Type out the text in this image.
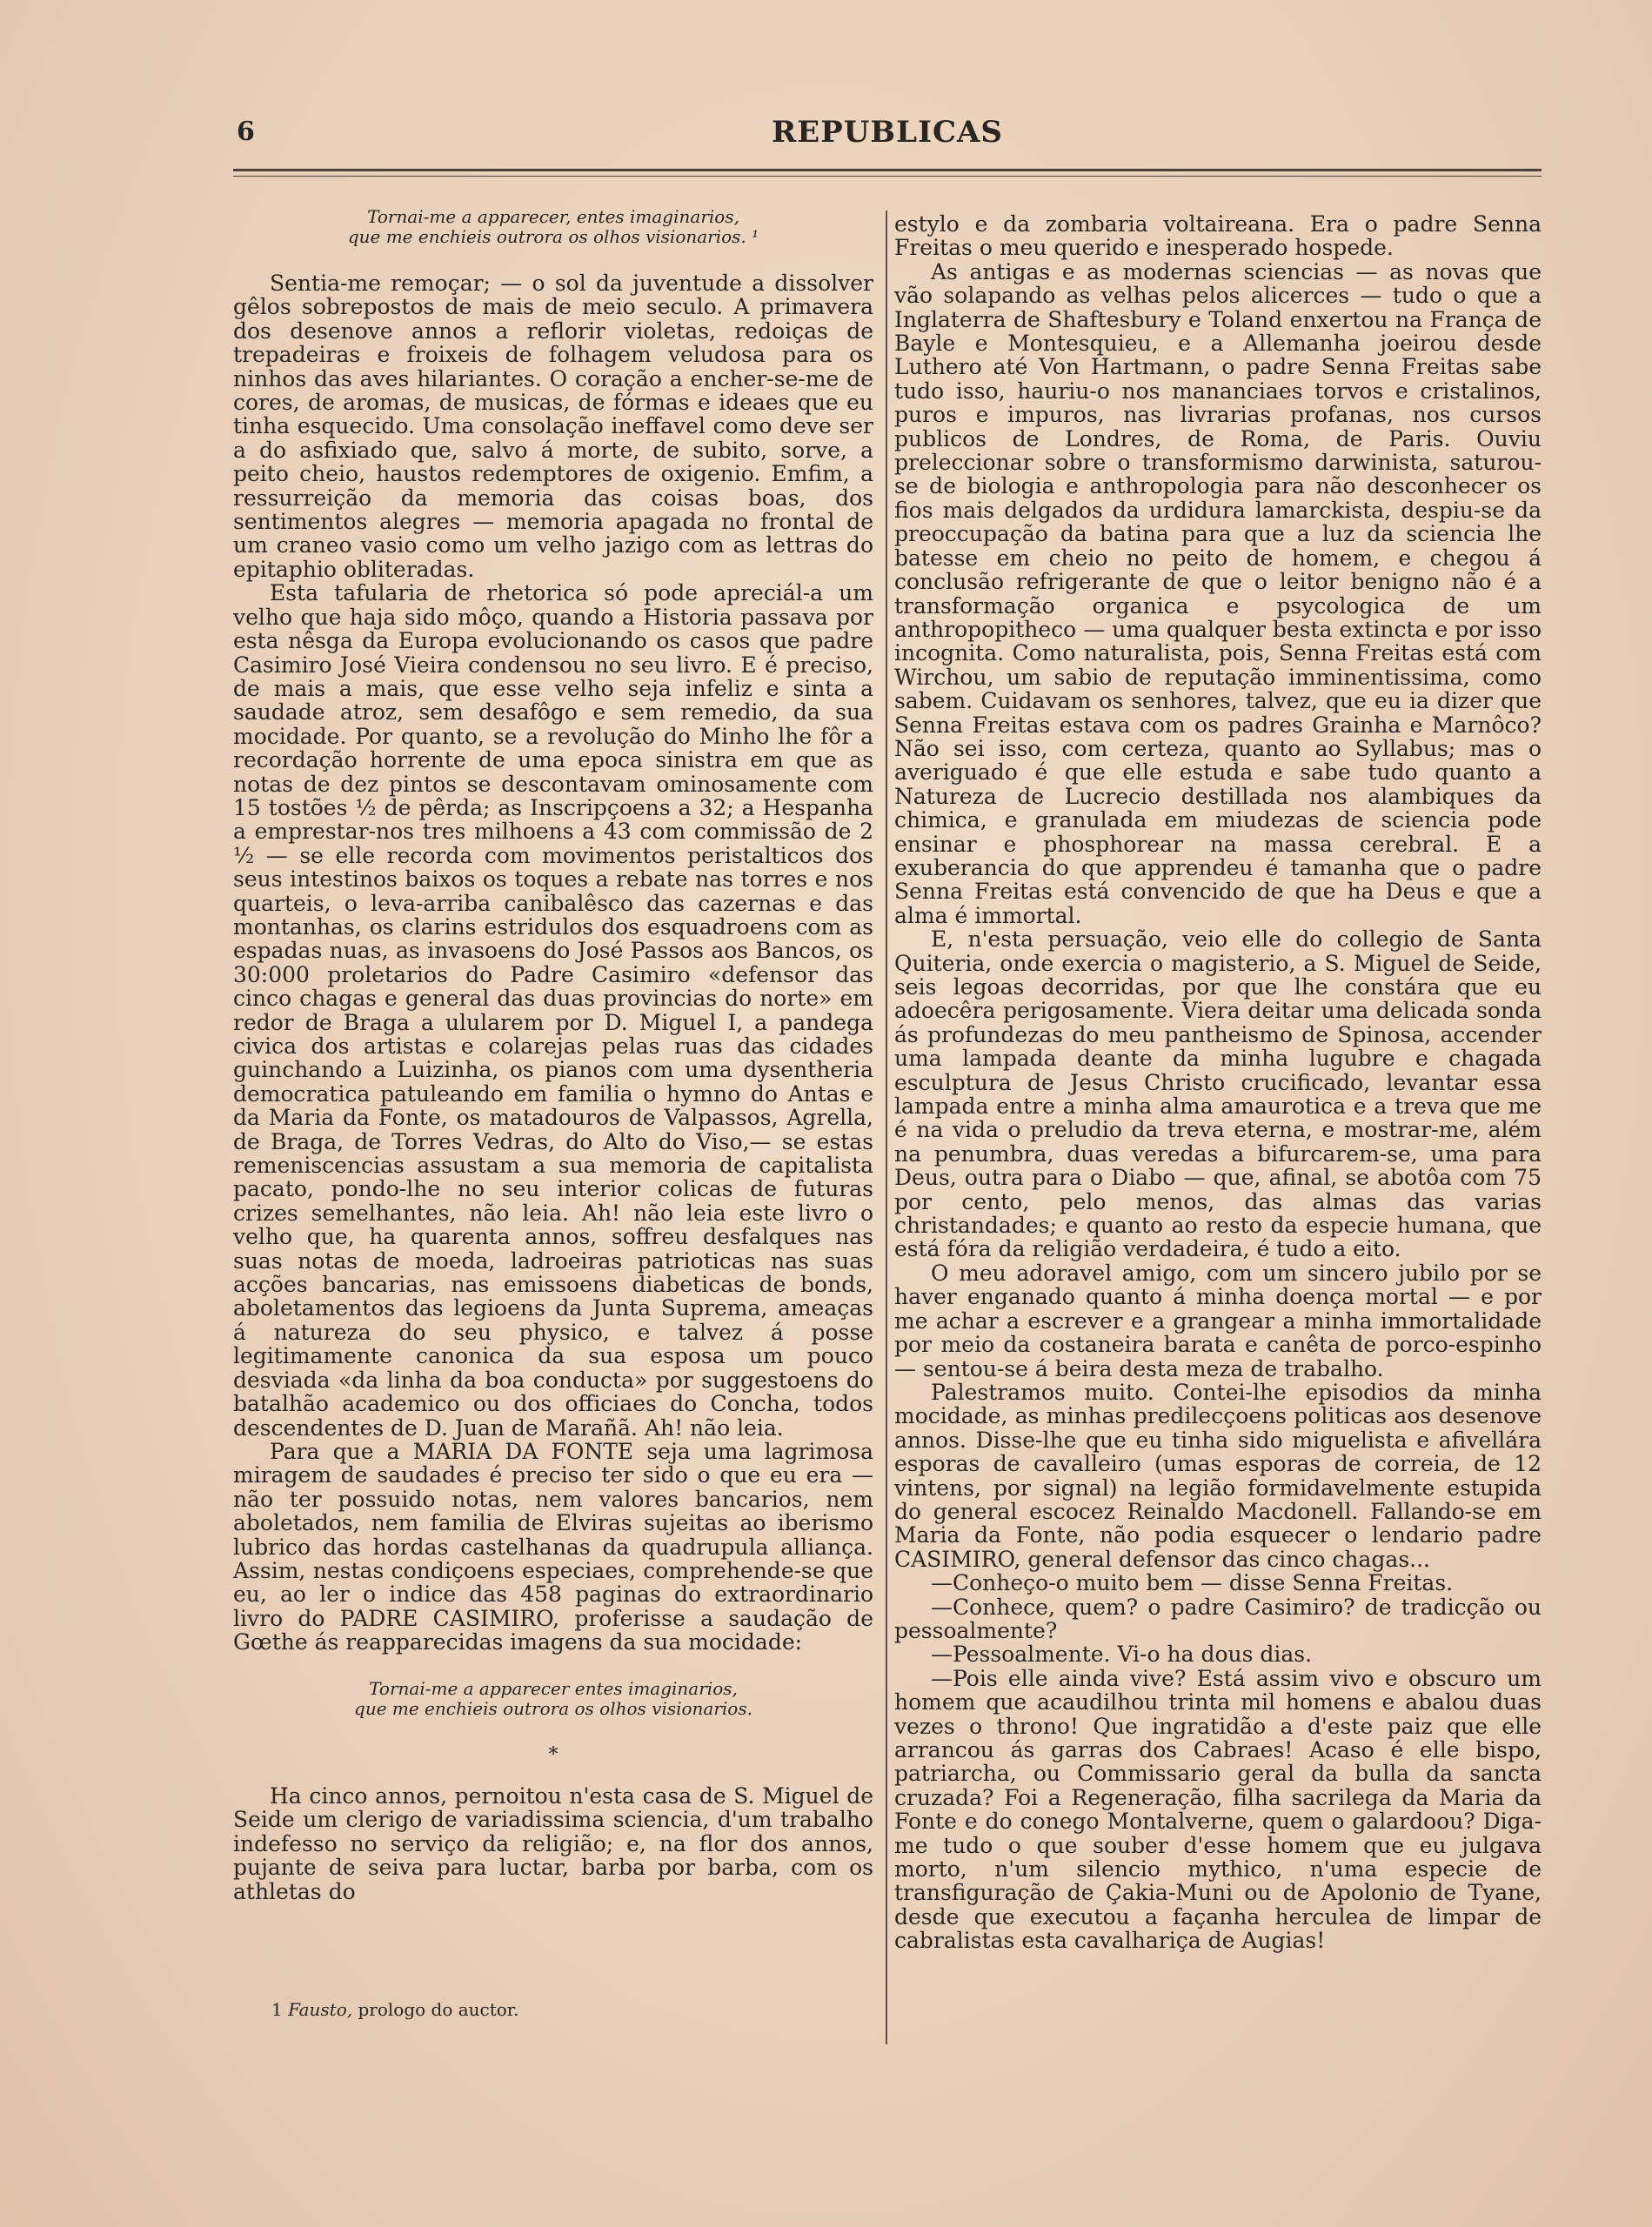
6	REPUBLICAS
Tornai-me a apparecer, entes imaginarios,
que me enchieis outrora os olhos visionarios. ¹

Sentia-me remoçar; — o sol da juventude a dissolver gêlos sobrepostos de mais de meio seculo. A primavera dos desenove annos a reflorir violetas, redoiças de trepadeiras e froixeis de folhagem veludosa para os ninhos das aves hilariantes. O coração a encher-se-me de cores, de aromas, de musicas, de fórmas e ideaes que eu tinha esquecido. Uma consolação ineffavel como deve ser a do asfixiado que, salvo á morte, de subito, sorve, a peito cheio, haustos redemptores de oxigenio. Emfim, a ressurreição da memoria das coisas boas, dos sentimentos alegres — memoria apagada no frontal de um craneo vasio como um velho jazigo com as lettras do epitaphio obliteradas.

Esta tafularia de rhetorica só pode apreciál-a um velho que haja sido môço, quando a Historia passava por esta nêsga da Europa evolucionando os casos que padre Casimiro José Vieira condensou no seu livro. E é preciso, de mais a mais, que esse velho seja infeliz e sinta a saudade atroz, sem desafôgo e sem remedio, da sua mocidade. Por quanto, se a revolução do Minho lhe fôr a recordação horrente de uma epoca sinistra em que as notas de dez pintos se descontavam ominosamente com 15 tostões ½ de pêrda; as Inscripçoens a 32; a Hespanha a emprestar-nos tres milhoens a 43 com commissão de 2 ½ — se elle recorda com movimentos peristalticos dos seus intestinos baixos os toques a rebate nas torres e nos quarteis, o leva-arriba canibalêsco das cazernas e das montanhas, os clarins estridulos dos esquadroens com as espadas nuas, as invasoens do José Passos aos Bancos, os 30:000 proletarios do Padre Casimiro «defensor das cinco chagas e general das duas provincias do norte» em redor de Braga a ulularem por D. Miguel I, a pandega civica dos artistas e colarejas pelas ruas das cidades guinchando a Luizinha, os pianos com uma dysentheria democratica patuleando em familia o hymno do Antas e da Maria da Fonte, os matadouros de Valpassos, Agrella, de Braga, de Torres Vedras, do Alto do Viso,— se estas remeniscencias assustam a sua memoria de capitalista pacato, pondo-lhe no seu interior colicas de futuras crizes semelhantes, não leia. Ah! não leia este livro o velho que, ha quarenta annos, soffreu desfalques nas suas notas de moeda, ladroeiras patrioticas nas suas acções bancarias, nas emissoens diabeticas de bonds, aboletamentos das legioens da Junta Suprema, ameaças á natureza do seu physico, e talvez á posse legitimamente canonica da sua esposa um pouco desviada «da linha da boa conducta» por suggestoens do batalhão academico ou dos officiaes do Concha, todos descendentes de D. Juan de Marañã. Ah! não leia.

Para que a MARIA DA FONTE seja uma lagrimosa miragem de saudades é preciso ter sido o que eu era — não ter possuido notas, nem valores bancarios, nem aboletados, nem familia de Elviras sujeitas ao iberismo lubrico das hordas castelhanas da quadrupula alliança. Assim, nestas condiçoens especiaes, comprehende-se que eu, ao ler o indice das 458 paginas do extraordinario livro do PADRE CASIMIRO, proferisse a saudação de Gœthe ás reapparecidas imagens da sua mocidade:

Tornai-me a apparecer entes imaginarios,
que me enchieis outrora os olhos visionarios.
*

Ha cinco annos, pernoitou n'esta casa de S. Miguel de Seide um clerigo de variadissima sciencia, d'um trabalho indefesso no serviço da religião; e, na flor dos annos, pujante de seiva para luctar, barba por barba, com os athletas do

1 Fausto, prologo do auctor.

estylo e da zombaria voltaireana. Era o padre Senna Freitas o meu querido e inesperado hospede.

As antigas e as modernas sciencias — as novas que vão solapando as velhas pelos alicerces — tudo o que a Inglaterra de Shaftesbury e Toland enxertou na França de Bayle e Montesquieu, e a Allemanha joeirou desde Luthero até Von Hartmann, o padre Senna Freitas sabe tudo isso, hauriu-o nos mananciaes torvos e cristalinos, puros e impuros, nas livrarias profanas, nos cursos publicos de Londres, de Roma, de Paris. Ouviu preleccionar sobre o transformismo darwinista, saturou-se de biologia e anthropologia para não desconhecer os fios mais delgados da urdidura lamarckista, despiu-se da preoccupação da batina para que a luz da sciencia lhe batesse em cheio no peito de homem, e chegou á conclusão refrigerante de que o leitor benigno não é a transformação organica e psycologica de um anthropopitheco — uma qualquer besta extincta e por isso incognita. Como naturalista, pois, Senna Freitas está com Wirchou, um sabio de reputação imminentissima, como sabem. Cuidavam os senhores, talvez, que eu ia dizer que Senna Freitas estava com os padres Grainha e Marnôco? Não sei isso, com certeza, quanto ao Syllabus; mas o averiguado é que elle estuda e sabe tudo quanto a Natureza de Lucrecio destillada nos alambiques da chimica, e granulada em miudezas de sciencia pode ensinar e phosphorear na massa cerebral. E a exuberancia do que apprendeu é tamanha que o padre Senna Freitas está convencido de que ha Deus e que a alma é immortal.

E, n'esta persuação, veio elle do collegio de Santa Quiteria, onde exercia o magisterio, a S. Miguel de Seide, seis legoas decorridas, por que lhe constára que eu adoecêra perigosamente. Viera deitar uma delicada sonda ás profundezas do meu pantheismo de Spinosa, accender uma lampada deante da minha lugubre e chagada esculptura de Jesus Christo crucificado, levantar essa lampada entre a minha alma amaurotica e a treva que me é na vida o preludio da treva eterna, e mostrar-me, além na penumbra, duas veredas a bifurcarem-se, uma para Deus, outra para o Diabo — que, afinal, se abotôa com 75 por cento, pelo menos, das almas das varias christandades; e quanto ao resto da especie humana, que está fóra da religião verdadeira, é tudo a eito.

O meu adoravel amigo, com um sincero jubilo por se haver enganado quanto á minha doença mortal — e por me achar a escrever e a grangear a minha immortalidade por meio da costaneira barata e canêta de porco-espinho — sentou-se á beira desta meza de trabalho.

Palestramos muito. Contei-lhe episodios da minha mocidade, as minhas predilecçoens politicas aos desenove annos. Disse-lhe que eu tinha sido miguelista e afivellára esporas de cavalleiro (umas esporas de correia, de 12 vintens, por signal) na legião formidavelmente estupida do general escocez Reinaldo Macdonell. Fallando-se em Maria da Fonte, não podia esquecer o lendario padre CASIMIRO, general defensor das cinco chagas...

—Conheço-o muito bem — disse Senna Freitas.

—Conhece, quem? o padre Casimiro? de tradicção ou pessoalmente?

—Pessoalmente. Vi-o ha dous dias.

—Pois elle ainda vive? Está assim vivo e obscuro um homem que acaudilhou trinta mil homens e abalou duas vezes o throno! Que ingratidão a d'este paiz que elle arrancou ás garras dos Cabraes! Acaso é elle bispo, patriarcha, ou Commissario geral da bulla da sancta cruzada? Foi a Regeneração, filha sacrilega da Maria da Fonte e do conego Montalverne, quem o galardoou? Diga-me tudo o que souber d'esse homem que eu julgava morto, n'um silencio mythico, n'uma especie de transfiguração de Çakia-Muni ou de Apolonio de Tyane, desde que executou a façanha herculea de limpar de cabralistas esta cavalhariça de Augias!
